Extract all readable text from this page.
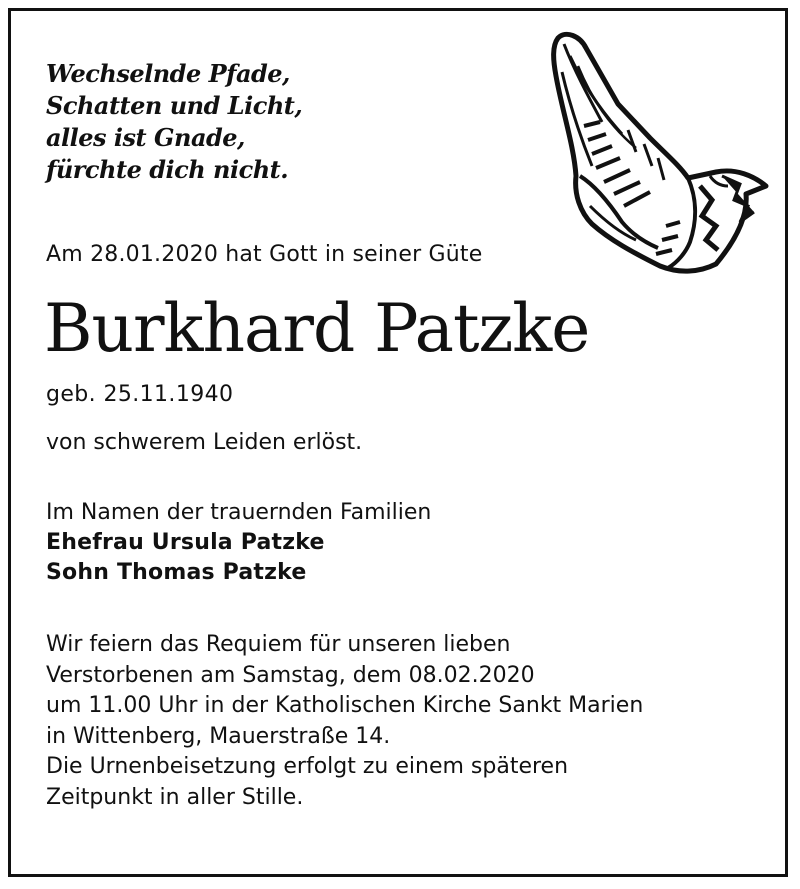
Wechselnde Pfade,
Schatten und Licht,
alles ist Gnade,
fürchte dich nicht.
Am 28.01.2020 hat Gott in seiner Güte
Burkhard Patzke
geb. 25.11.1940
von schwerem Leiden erlöst.
Im Namen der trauernden Familien
Ehefrau Ursula Patzke
Sohn Thomas Patzke
Wir feiern das Requiem für unseren lieben
Verstorbenen am Samstag, dem 08.02.2020
um 11.00 Uhr in der Katholischen Kirche Sankt Marien
in Wittenberg, Mauerstraße 14.
Die Urnenbeisetzung erfolgt zu einem späteren
Zeitpunkt in aller Stille.
